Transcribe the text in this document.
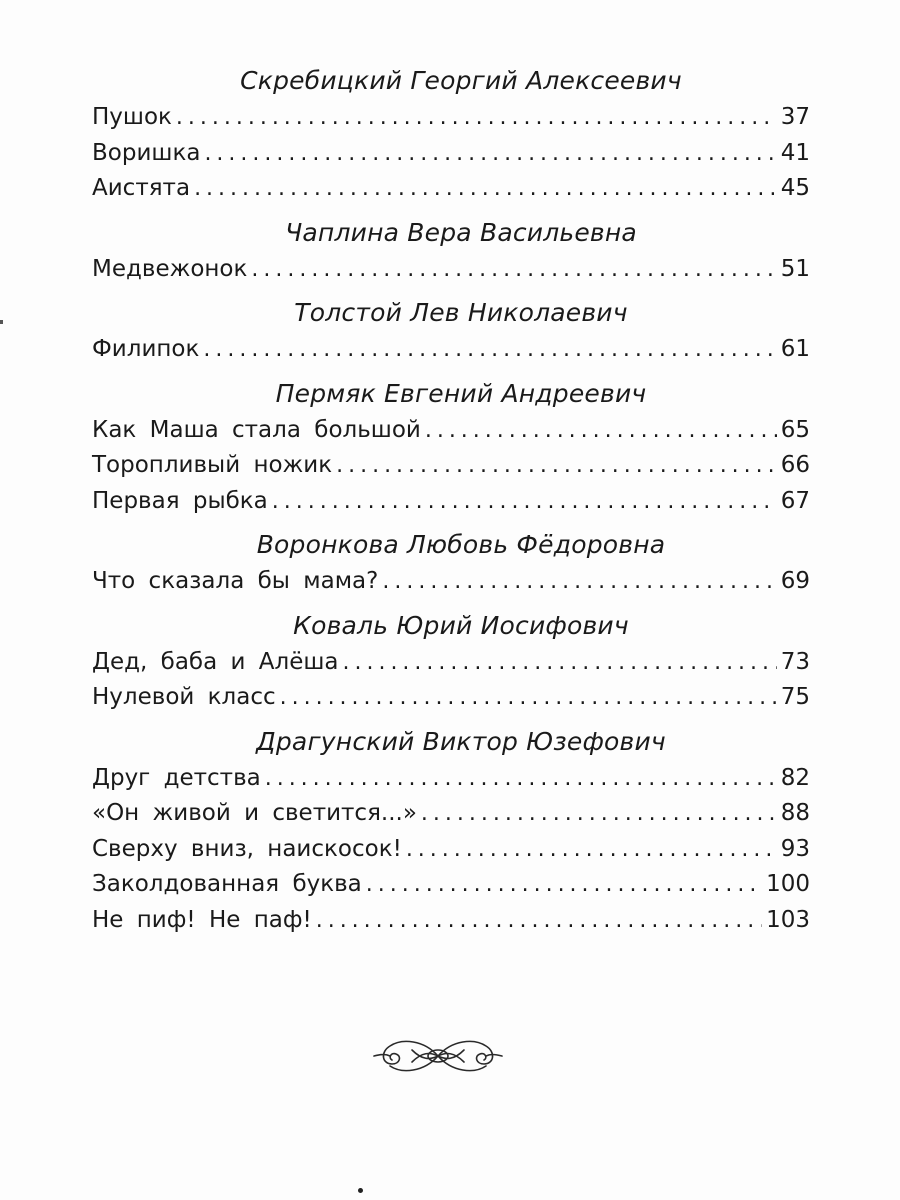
Скребицкий Георгий Алексеевич
Пушок . . .	37
Воришка . . .	41
Аистята . . .	45
Чаплина Вера Васильевна
Медвежонок . . .	51
Толстой Лев Николаевич
Филипок . . .	61
Пермяк Евгений Андреевич
Как Маша стала большой . . .	65
Торопливый ножик . . .	66
Первая рыбка . . .	67
Воронкова Любовь Фёдоровна
Что сказала бы мама? . . .	69
Коваль Юрий Иосифович
Дед, баба и Алёша . . .	73
Нулевой класс . . .	75
Драгунский Виктор Юзефович
Друг детства . . .	82
«Он живой и светится...» . . .	88
Сверху вниз, наискосок! . . .	93
Заколдованная буква . . .	100
Не пиф! Не паф! . . .	103
